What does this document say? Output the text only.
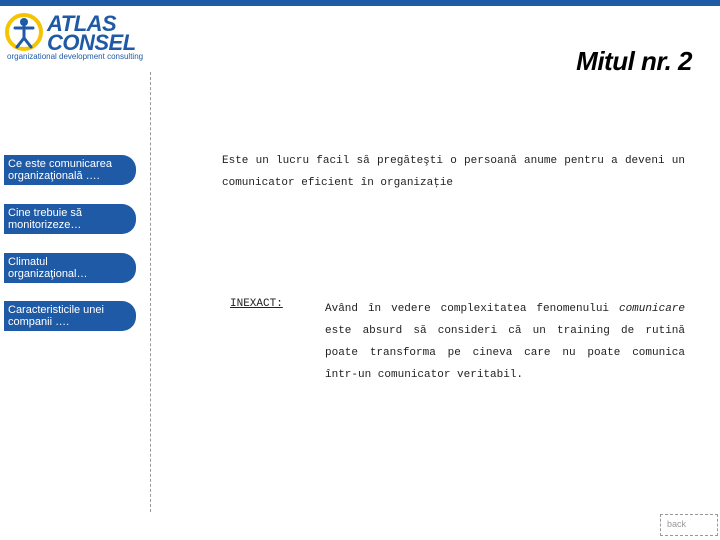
ATLAS
CONSEL
organizational development consulting	Mitul nr. 2
Ce este comunicarea organizaţională ….
Cine trebuie să monitorizeze…
Climatul organizaţional…
Caracteristicile unei companii ….
Este un lucru facil să pregăteşti o persoană anume pentru a deveni un comunicator eficient în organizaţie
INEXACT:	Având în vedere complexitatea fenomenului comunicare este absurd să consideri că un training de rutină poate transforma pe cineva care nu poate comunica într-un comunicator veritabil.
back
